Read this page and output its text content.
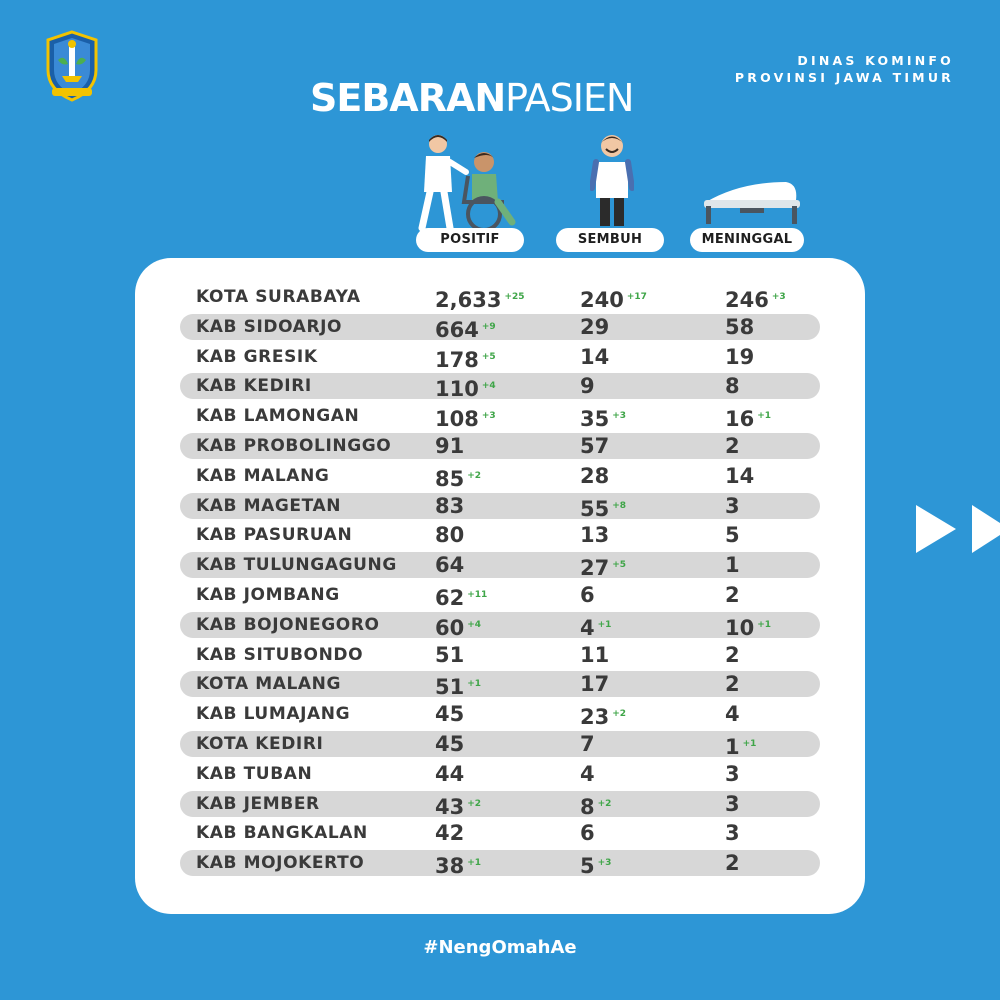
DINAS KOMINFO
PROVINSI JAWA TIMUR
SEBARANPASIEN
POSITIF	SEMBUH	MENINGGAL
KOTA SURABAYA	2,633 $^{+25}$	240 $^{+17}$	246 $^{+3}$
KAB SIDOARJO	664 $^{+9}$	29	58
KAB GRESIK	178 $^{+5}$	14	19
KAB KEDIRI	110 $^{+4}$	9	8
KAB LAMONGAN	108 $^{+3}$	35 $^{+3}$	16 $^{+1}$
KAB PROBOLINGGO 91	57	2
KAB MALANG	85 $^{+2}$	28	14
KAB MAGETAN	83	55 $^{+8}$	3
KAB PASURUAN	80	13	5
KAB TULUNGAGUNG 64	27 $^{+5}$	1
KAB JOMBANG	62 $^{+11}$	6	2
KAB BOJONEGORO	60 $^{+4}$	4 $^{+1}$	10 $^{+1}$
KAB SITUBONDO	51	11	2
KOTA MALANG	51 $^{+1}$	17	2
KAB LUMAJANG	45	23 $^{+2}$	4
KOTA KEDIRI	45	7	1 $^{+1}$
KAB TUBAN	44	4	3
KAB JEMBER	43 $^{+2}$	8 $^{+2}$	3
KAB BANGKALAN	42	6	3
KAB MOJOKERTO	38 $^{+1}$	5 $^{+3}$	2
#NengOmahAe
